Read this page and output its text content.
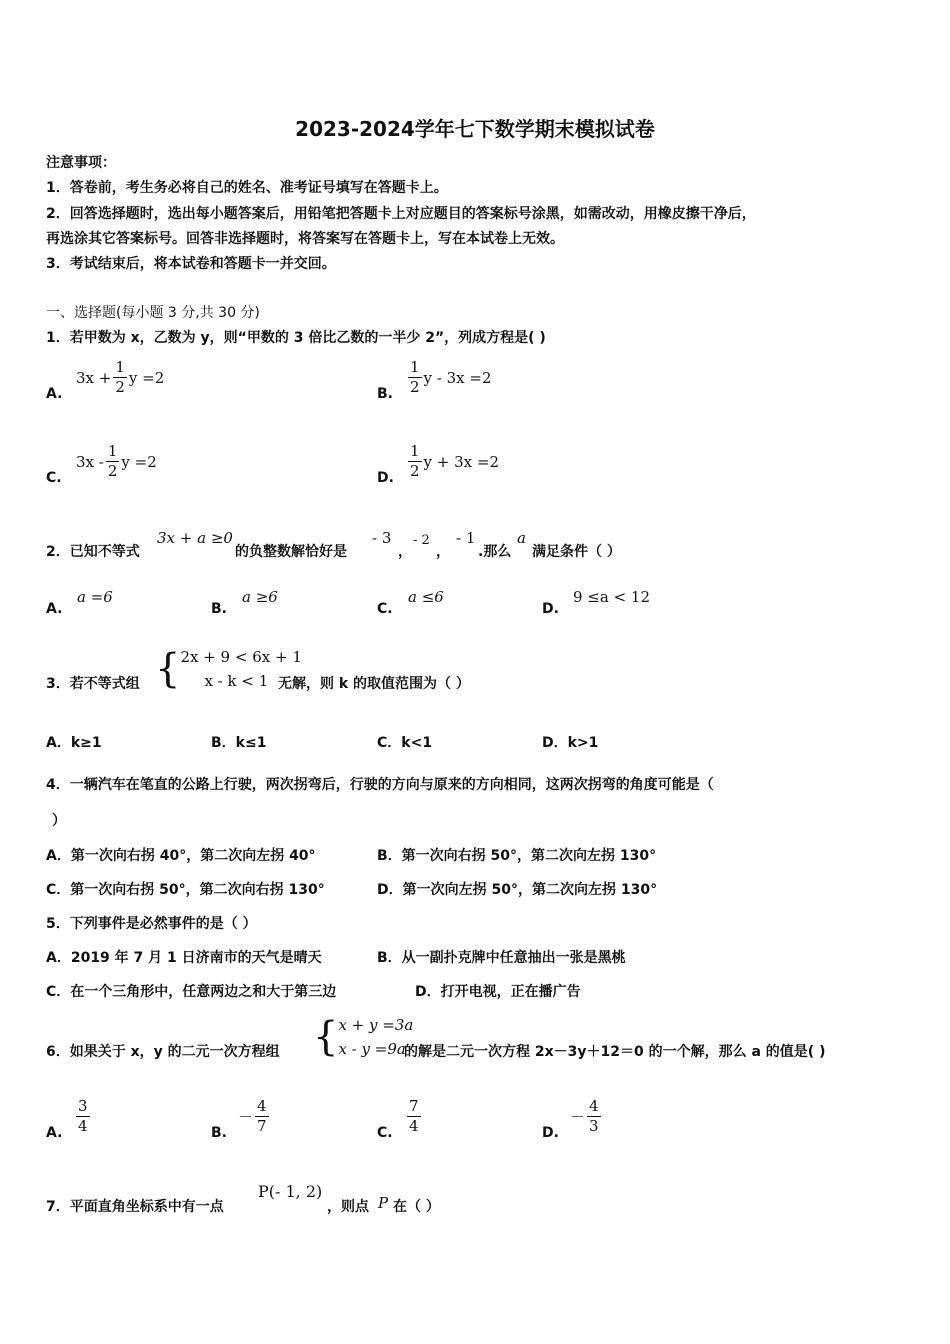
2023-2024学年七下数学期末模拟试卷
注意事项：
1．答卷前，考生务必将自己的姓名、准考证号填写在答题卡上。
2．回答选择题时，选出每小题答案后，用铅笔把答题卡上对应题目的答案标号涂黑，如需改动，用橡皮擦干净后，
再选涂其它答案标号。回答非选择题时，将答案写在答题卡上，写在本试卷上无效。
3．考试结束后，将本试卷和答题卡一并交回。
一、选择题(每小题 3 分,共 30 分)
1．若甲数为 x，乙数为 y，则“甲数的 3 倍比乙数的一半少 2”，列成方程是( )
A.
$3x + \frac{1}{2}$ y =2
B. $\frac{1}{2}$ y - 3x =2
C.
$3x - \frac{1}{2}$ y =2
D. $\frac{1}{2}$ y + 3x =2
2．已知不等式
3x + a ≥0
的负整数解恰好是
- 3
，
- 2
，
- 1
.那么
a
满足条件（ ）
A.
a =6
B.
a ≥6
C.
a ≤6
D.
9 ≤a < 12
3．若不等式组 { 2x + 9 < 6x + 1
x - k < 1 无解，则 k 的取值范围为（ ）
A．k≥1	B．k≤1	C．k<1	D．k>1
4．一辆汽车在笔直的公路上行驶，两次拐弯后，行驶的方向与原来的方向相同，这两次拐弯的角度可能是（
）
A．第一次向右拐 40°，第二次向左拐 40°	B．第一次向右拐 50°，第二次向左拐 130°
C．第一次向右拐 50°，第二次向右拐 130°	D．第一次向左拐 50°，第二次向左拐 130°
5．下列事件是必然事件的是（ ）
A．2019 年 7 月 1 日济南市的天气是晴天	B．从一副扑克牌中任意抽出一张是黑桃
C．在一个三角形中，任意两边之和大于第三边	D．打开电视，正在播广告
6．如果关于 x，y 的二元一次方程组 { x + y =3a
x - y =9a
的解是二元一次方程 2x－3y＋12＝0 的一个解，那么 a 的值是( )
A. $\frac{3}{4}$	B.
－ $\frac{4}{7}$	C. $\frac{7}{4}$	D.
－ $\frac{4}{3}$
7．平面直角坐标系中有一点
P(- 1, 2)
，则点 P 在（ ）
